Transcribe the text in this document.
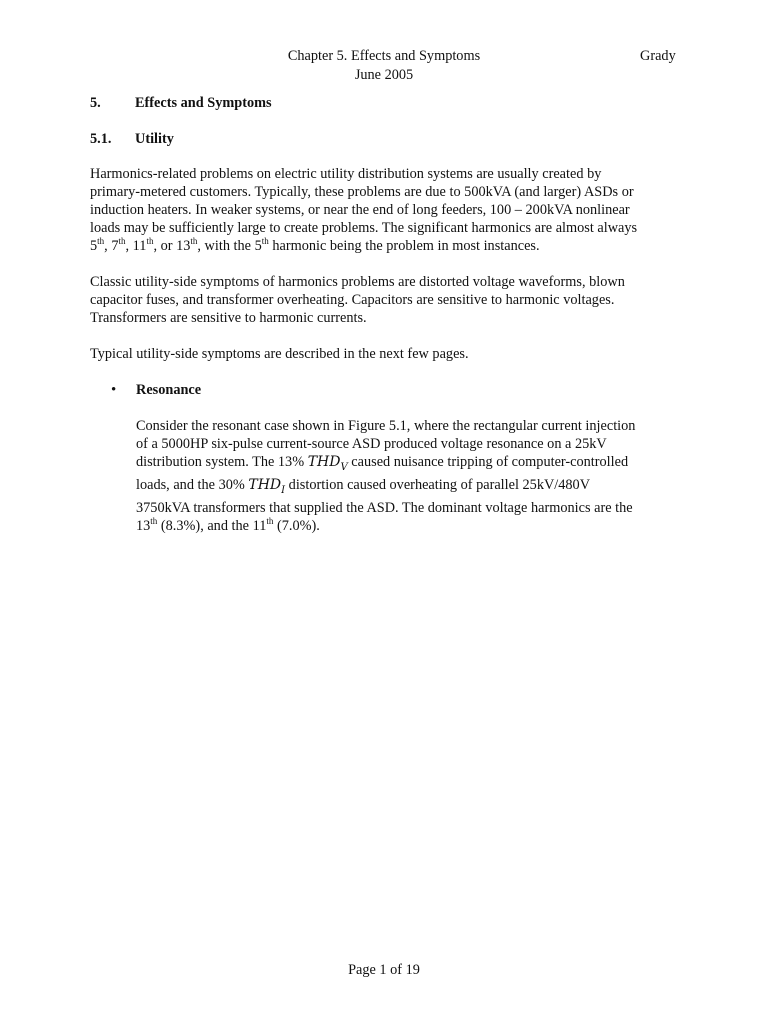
Chapter 5. Effects and Symptoms	Grady
June 2005
5. Effects and Symptoms
5.1. Utility
Harmonics-related problems on electric utility distribution systems are usually created by
primary-metered customers. Typically, these problems are due to 500kVA (and larger) ASDs or
induction heaters. In weaker systems, or near the end of long feeders, 100 – 200kVA nonlinear
loads may be sufficiently large to create problems. The significant harmonics are almost always
5th, 7th, 11th, or 13th, with the 5th harmonic being the problem in most instances.
Classic utility-side symptoms of harmonics problems are distorted voltage waveforms, blown
capacitor fuses, and transformer overheating. Capacitors are sensitive to harmonic voltages.
Transformers are sensitive to harmonic currents.
Typical utility-side symptoms are described in the next few pages.
• Resonance
Consider the resonant case shown in Figure 5.1, where the rectangular current injection
of a 5000HP six-pulse current-source ASD produced voltage resonance on a 25kV
distribution system. The 13% $THD_V$ caused nuisance tripping of computer-controlled
loads, and the 30% $THD_I$ distortion caused overheating of parallel 25kV/480V
3750kVA transformers that supplied the ASD. The dominant voltage harmonics are the
13th (8.3%), and the 11th (7.0%).
Page 1 of 19
